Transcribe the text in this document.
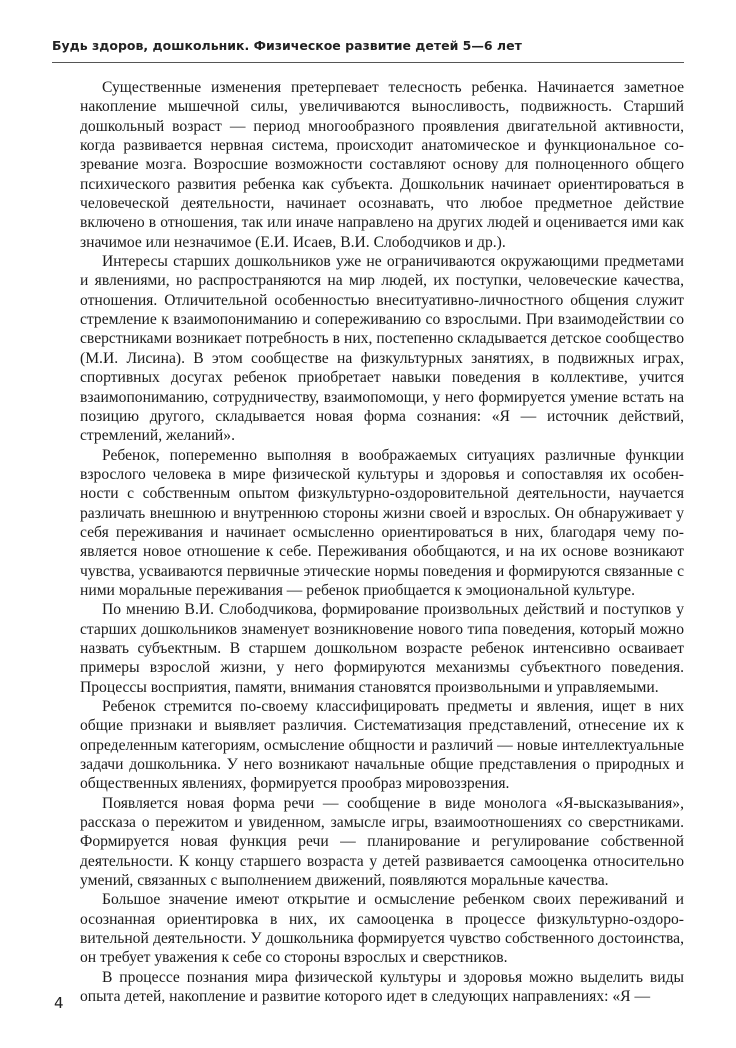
Будь здоров, дошкольник. Физическое развитие детей 5—6 лет

Существенные изменения претерпевает телесность ребенка. Начинается заметное накопление мышечной силы, увеличиваются выносливость, подвижность. Старший дошкольный возраст — период многообразного проявления двигательной активности, когда развивается нервная система, происходит анатомическое и функциональное созревание мозга. Возросшие возможности составляют основу для полноценного общего психического развития ребенка как субъекта. Дошкольник начинает ориентироваться в человеческой деятельности, начинает осознавать, что любое предметное действие включено в отношения, так или иначе направлено на других людей и оценивается ими как значимое или незначимое (Е.И. Исаев, В.И. Слободчиков и др.).

Интересы старших дошкольников уже не ограничиваются окружающими предметами и явлениями, но распространяются на мир людей, их поступки, человеческие качества, отношения. Отличительной особенностью внеситуативно-личностного общения служит стремление к взаимопониманию и сопереживанию со взрослыми. При взаимодействии со сверстниками возникает потребность в них, постепенно складывается детское сообщество (М.И. Лисина). В этом сообществе на физкультурных занятиях, в подвижных играх, спортивных досугах ребенок приобретает навыки поведения в коллективе, учится взаимопониманию, сотрудничеству, взаимопомощи, у него формируется умение встать на позицию другого, складывается новая форма сознания: «Я — источник действий, стремлений, желаний».

Ребенок, попеременно выполняя в воображаемых ситуациях различные функции взрослого человека в мире физической культуры и здоровья и сопоставляя их особенности с собственным опытом физкультурно-оздоровительной деятельности, научается различать внешнюю и внутреннюю стороны жизни своей и взрослых. Он обнаруживает у себя переживания и начинает осмысленно ориентироваться в них, благодаря чему появляется новое отношение к себе. Переживания обобщаются, и на их основе возникают чувства, усваиваются первичные этические нормы поведения и формируются связанные с ними моральные переживания — ребенок приобщается к эмоциональной культуре.

По мнению В.И. Слободчикова, формирование произвольных действий и поступков у старших дошкольников знаменует возникновение нового типа поведения, который можно назвать субъектным. В старшем дошкольном возрасте ребенок интенсивно осваивает примеры взрослой жизни, у него формируются механизмы субъектного поведения. Процессы восприятия, памяти, внимания становятся произвольными и управляемыми.

Ребенок стремится по-своему классифицировать предметы и явления, ищет в них общие признаки и выявляет различия. Систематизация представлений, отнесение их к определенным категориям, осмысление общности и различий — новые интеллектуальные задачи дошкольника. У него возникают начальные общие представления о природных и общественных явлениях, формируется прообраз мировоззрения.

Появляется новая форма речи — сообщение в виде монолога «Я-высказывания», рассказа о пережитом и увиденном, замысле игры, взаимоотношениях со сверстниками. Формируется новая функция речи — планирование и регулирование собственной деятельности. К концу старшего возраста у детей развивается самооценка относительно умений, связанных с выполнением движений, появляются моральные качества.

Большое значение имеют открытие и осмысление ребенком своих переживаний и осознанная ориентировка в них, их самооценка в процессе физкультурно-оздоровительной деятельности. У дошкольника формируется чувство собственного достоинства, он требует уважения к себе со стороны взрослых и сверстников.

В процессе познания мира физической культуры и здоровья можно выделить виды опыта детей, накопление и развитие которого идет в следующих направлениях: «Я —

4
